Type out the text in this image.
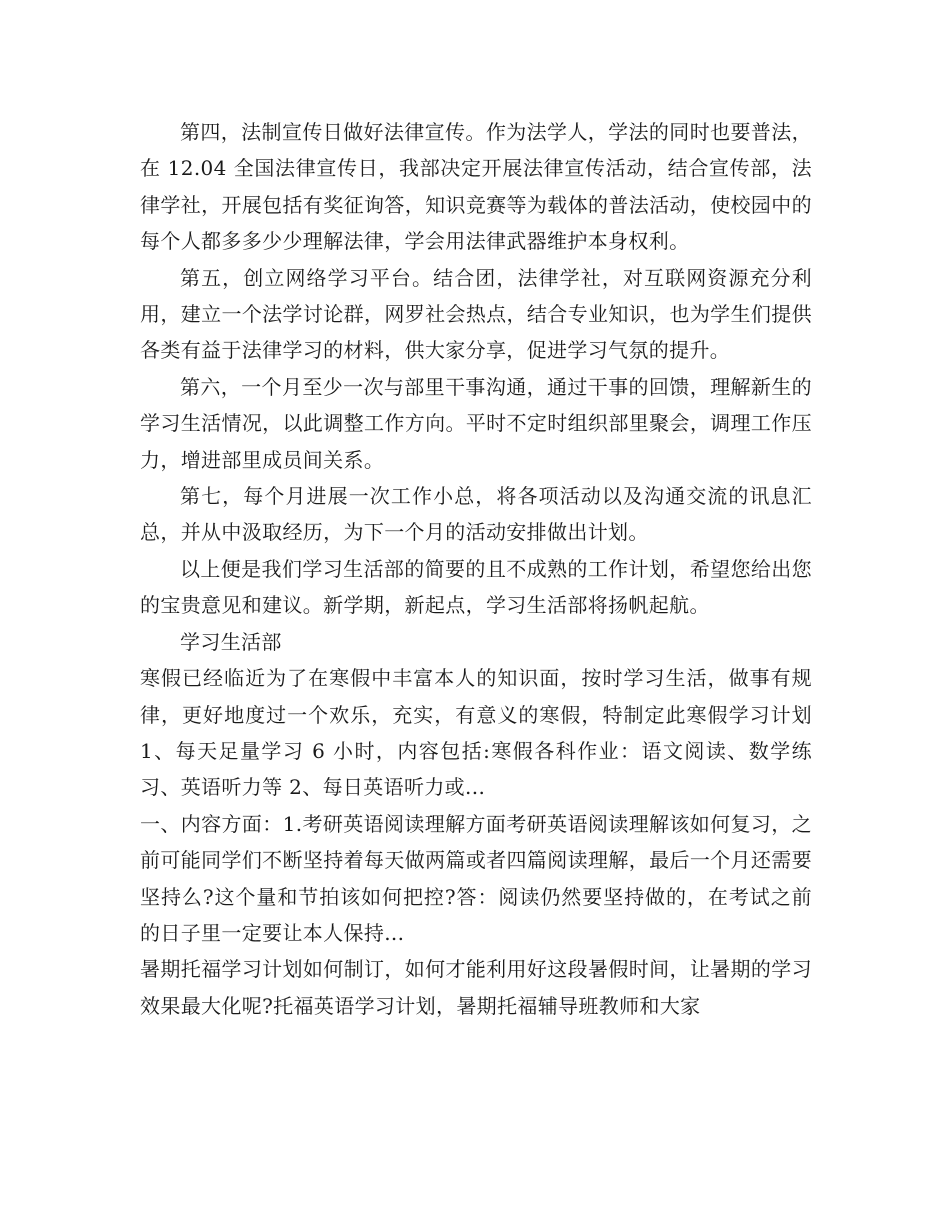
第四，法制宣传日做好法律宣传。作为法学人，学法的同时也要普法，在 12.04 全国法律宣传日，我部决定开展法律宣传活动，结合宣传部，法律学社，开展包括有奖征询答，知识竞赛等为载体的普法活动，使校园中的每个人都多多少少理解法律，学会用法律武器维护本身权利。

第五，创立网络学习平台。结合团，法律学社，对互联网资源充分利用，建立一个法学讨论群，网罗社会热点，结合专业知识，也为学生们提供各类有益于法律学习的材料，供大家分享，促进学习气氛的提升。

第六，一个月至少一次与部里干事沟通，通过干事的回馈，理解新生的学习生活情况，以此调整工作方向。平时不定时组织部里聚会，调理工作压力，增进部里成员间关系。

第七，每个月进展一次工作小总，将各项活动以及沟通交流的讯息汇总，并从中汲取经历，为下一个月的活动安排做出计划。

以上便是我们学习生活部的简要的且不成熟的工作计划，希望您给出您的宝贵意见和建议。新学期，新起点，学习生活部将扬帆起航。

学习生活部

寒假已经临近为了在寒假中丰富本人的知识面，按时学习生活，做事有规律，更好地度过一个欢乐，充实，有意义的寒假，特制定此寒假学习计划 1、每天足量学习 6 小时，内容包括:寒假各科作业：语文阅读、数学练习、英语听力等 2、每日英语听力或...

一、内容方面：1.考研英语阅读理解方面考研英语阅读理解该如何复习，之前可能同学们不断坚持着每天做两篇或者四篇阅读理解，最后一个月还需要坚持么?这个量和节拍该如何把控?答：阅读仍然要坚持做的，在考试之前的日子里一定要让本人保持...

暑期托福学习计划如何制订，如何才能利用好这段暑假时间，让暑期的学习效果最大化呢?托福英语学习计划，暑期托福辅导班教师和大家
